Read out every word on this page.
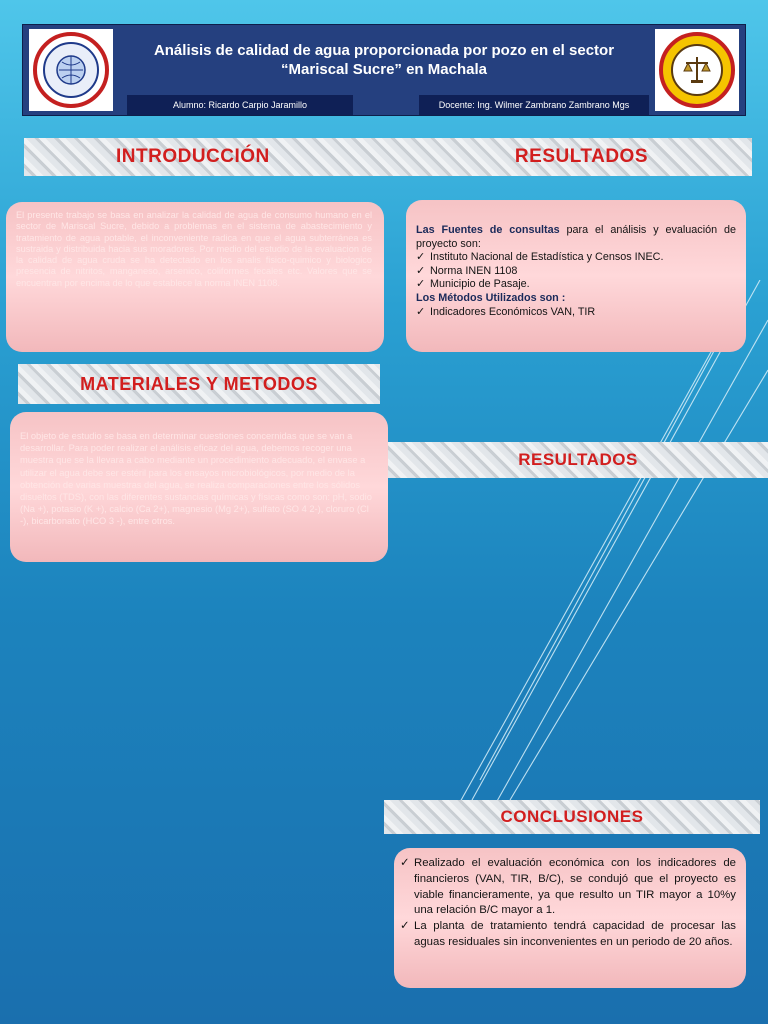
Análisis de calidad de agua proporcionada por pozo en el sector
“Mariscal Sucre” en Machala
Alumno: Ricardo Carpio Jaramillo	Docente: Ing. Wilmer Zambrano Zambrano Mgs
INTRODUCCIÓN	RESULTADOS
El presente trabajo se basa en analizar la calidad de agua de consumo humano en el sector de Mariscal Sucre, debido a problemas en el sistema de abastecimiento y tratamiento de agua potable, el inconveniente radica en que el agua subterránea es sustraida y distribuida hacia sus moradores. Por medio del estudio de la evaluacion de la calidad de agua cruda se ha detectado en los analis fisico-quimico y biologico presencia de nitritos, manganeso, arsenico, coliformes fecales etc. Valores que se encuentran por encima de lo que establece la norma INEN 1108.
Las Fuentes de consultas para el análisis y evaluación de proyecto son:
✓ Instituto Nacional de Estadística y Censos INEC.
✓ Norma INEN 1108
✓ Municipio de Pasaje.
Los Métodos Utilizados son :
✓ Indicadores Económicos VAN, TIR
MATERIALES Y METODOS
El objeto de estudio se basa en determinar cuestiones concernidas que se van a desarrollar. Para poder realizar el análisis eficaz del agua, debemos recoger una muestra que se la llevara a cabo mediante un procedimiento adecuado, el envase a utilizar el agua debe ser estéril para los ensayos microbiológicos, por medio de la obtención de varias muestras del agua, se realiza comparaciones entre los sólidos disueltos (TDS), con las diferentes sustancias químicas y físicas como son: pH, sodio (Na +), potasio (K +), calcio (Ca 2+), magnesio (Mg 2+), sulfato (SO 4 2-), cloruro (Cl -), bicarbonato (HCO 3 -), entre otros.
RESULTADOS
CONCLUSIONES
✓ Realizado el evaluación económica con los indicadores de financieros (VAN, TIR, B/C), se condujó que el proyecto es viable financieramente, ya que resulto un TIR mayor a 10%y una relación B/C mayor a 1.
✓ La planta de tratamiento tendrá capacidad de procesar las aguas residuales sin inconvenientes en un periodo de 20 años.
